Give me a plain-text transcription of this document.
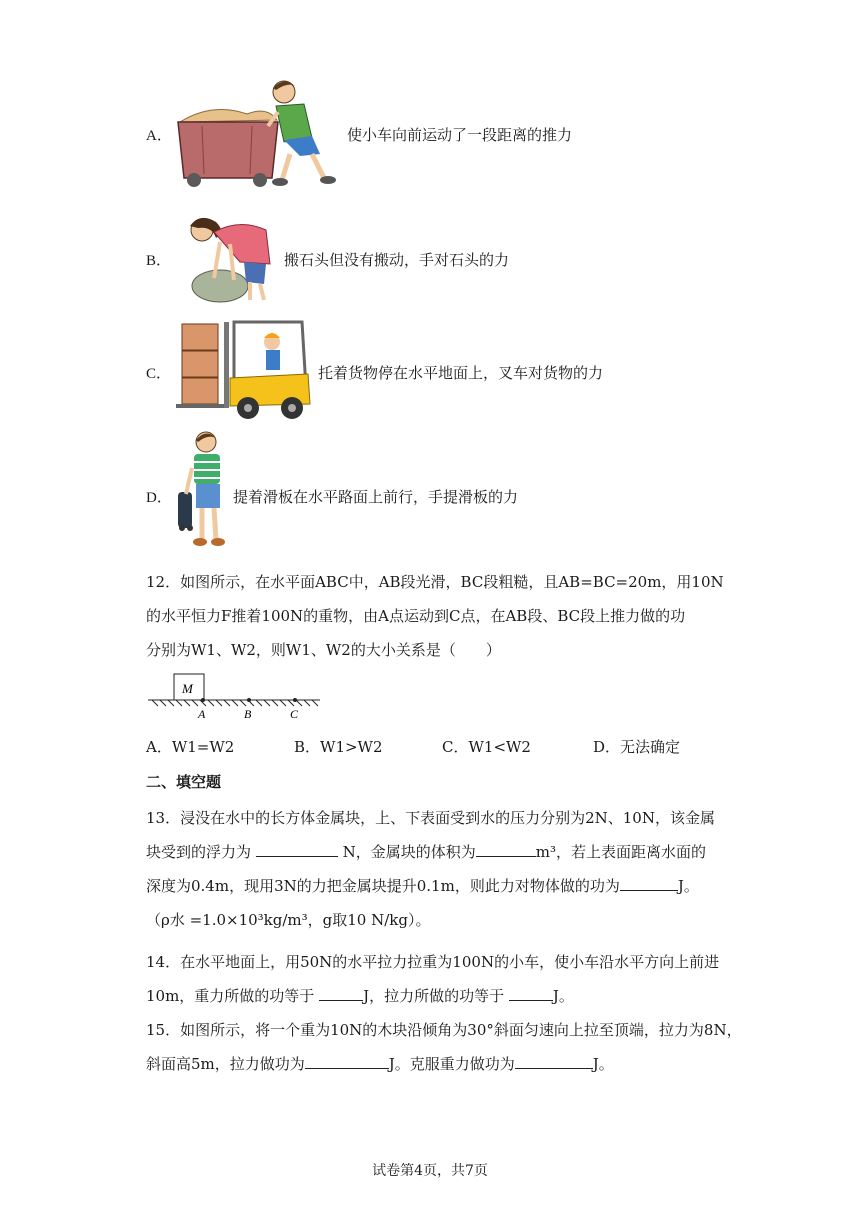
A．	使小车向前运动了一段距离的推力
B．	搬石头但没有搬动，手对石头的力
C．	托着货物停在水平地面上，叉车对货物的力
D．	提着滑板在水平路面上前行，手提滑板的力
12．如图所示，在水平面ABC中，AB段光滑，BC段粗糙，且AB=BC=20m，用10N
的水平恒力F推着100N的重物，由A点运动到C点，在AB段、BC段上推力做的功
分别为W1、W2，则W1、W2的大小关系是（　　）
M
A	B	C
A．W1=W2	B．W1>W2	C．W1<W2	D．无法确定
二、填空题
13．浸没在水中的长方体金属块，上、下表面受到水的压力分别为2N、10N，该金属
块受到的浮力为	N，金属块的体积为	m³，若上表面距离水面的
深度为0.4m，现用3N的力把金属块提升0.1m，则此力对物体做的功为	J。
（ρ水 =1.0×10³kg/m³，g取10 N/kg）。
14．在水平地面上，用50N的水平拉力拉重为100N的小车，使小车沿水平方向上前进
10m，重力所做的功等于	J，拉力所做的功等于	J。
15．如图所示，将一个重为10N的木块沿倾角为30°斜面匀速向上拉至顶端，拉力为8N，
斜面高5m，拉力做功为	J。克服重力做功为	J。
试卷第4页，共7页
